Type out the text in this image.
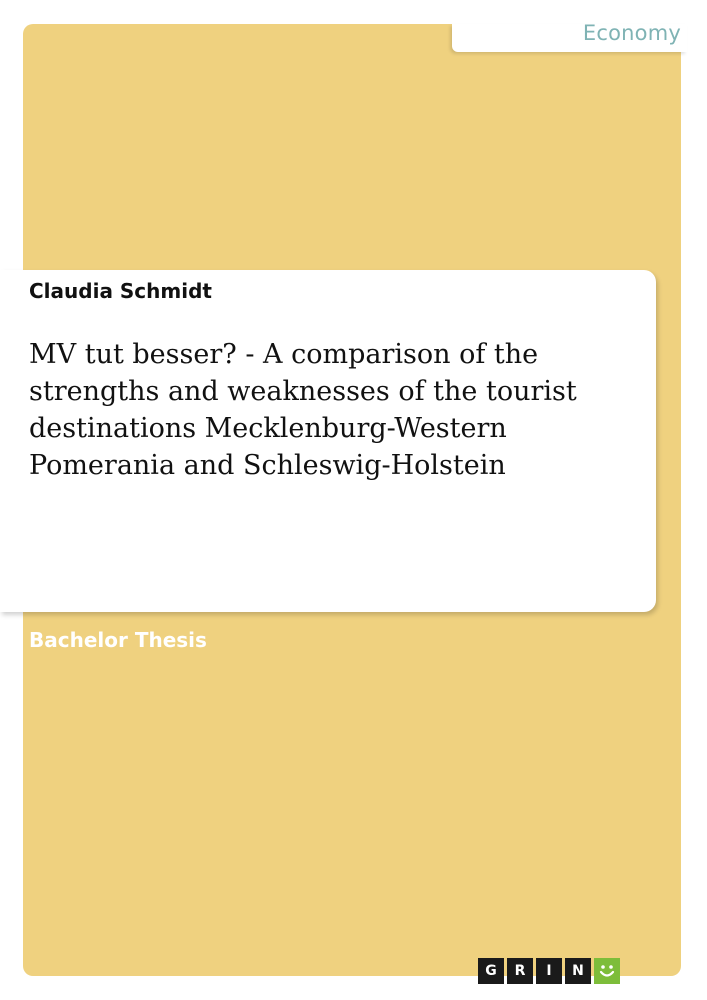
Economy
Claudia Schmidt
MV tut besser? - A comparison of the
strengths and weaknesses of the tourist
destinations Mecklenburg-Western
Pomerania and Schleswig-Holstein
Bachelor Thesis
G	R	I	N
